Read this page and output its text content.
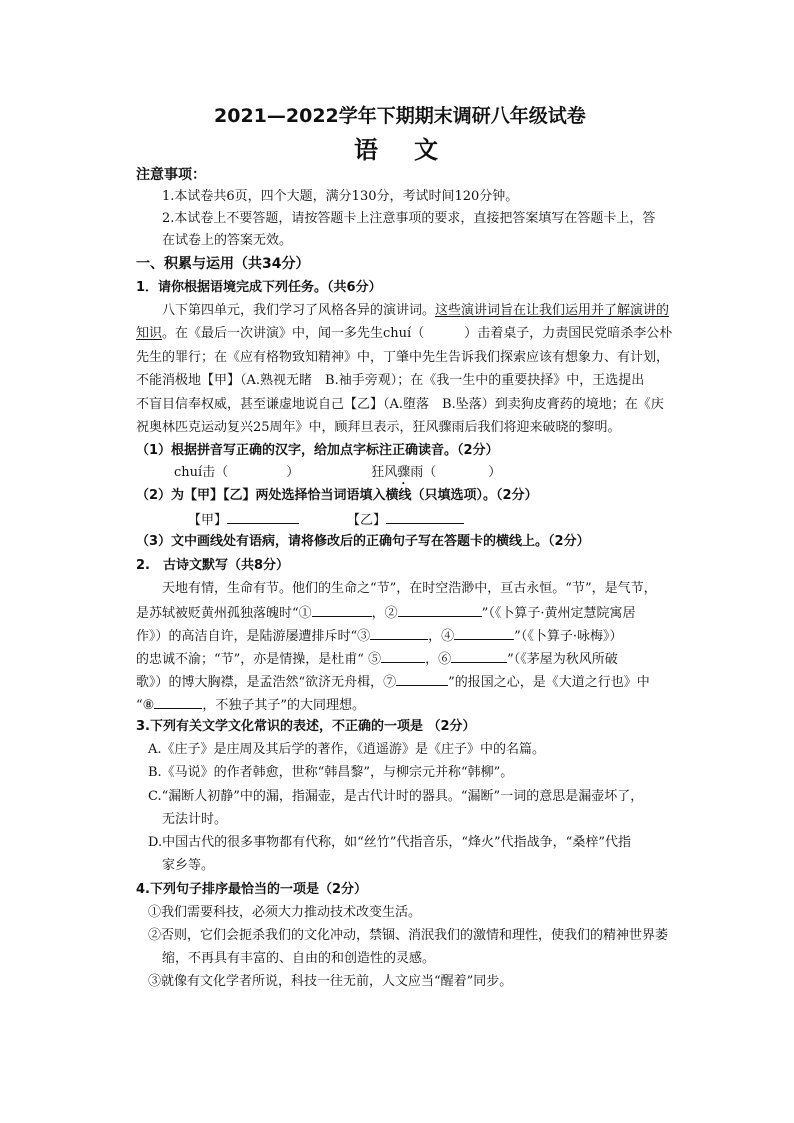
2021—2022学年下期期末调研八年级试卷
语 文
注意事项：
1.本试卷共6页，四个大题，满分130分，考试时间120分钟。
2.本试卷上不要答题，请按答题卡上注意事项的要求，直接把答案填写在答题卡上，答
在试卷上的答案无效。
一、积累与运用（共34分）
1．请你根据语境完成下列任务。（共6分）
八下第四单元，我们学习了风格各异的演讲词。这些演讲词旨在让我们运用并了解演讲的
知识。在《最后一次讲演》中，闻一多先生chuí（	）击着桌子，力责国民党暗杀李公朴
先生的罪行；在《应有格物致知精神》中，丁肇中先生告诉我们探索应该有想象力、有计划，
不能消极地【甲】（A.熟视无睹　B.袖手旁观）；在《我一生中的重要抉择》中，王选提出
不盲目信奉权威，甚至谦虚地说自己【乙】（A.堕落　B.坠落）到卖狗皮膏药的境地；在《庆
祝奥林匹克运动复兴25周年》中，顾拜旦表示，狂风骤雨后我们将迎来破晓的黎明。
（1）根据拼音写正确的汉字，给加点字标注正确读音。（2分）
chuí击（	）	狂风骤雨（	）
（2）为【甲】【乙】两处选择恰当词语填入横线（只填选项）。（2分）
【甲】	【乙】
（3）文中画线处有语病，请将修改后的正确句子写在答题卡的横线上。（2分）
2.　古诗文默写（共8分）
天地有情，生命有节。他们的生命之“节”，在时空浩渺中，亘古永恒。“节”，是气节，
是苏轼被贬黄州孤独落魄时“①	，②	”（《卜算子·黄州定慧院寓居
作》）的高洁自许，是陆游屡遭排斥时“③	，④	”（《卜算子·咏梅》）
的忠诚不渝；“节”，亦是情操，是杜甫“ ⑤	，⑥	”（《茅屋为秋风所破
歌》）的博大胸襟，是孟浩然“欲济无舟楫，⑦	”的报国之心，是《大道之行也》中
“⑧	，不独子其子”的大同理想。
3.下列有关文学文化常识的表述，不正确的一项是 （2分）
A.《庄子》是庄周及其后学的著作，《逍遥游》是《庄子》中的名篇。
B.《马说》的作者韩愈，世称“韩昌黎”，与柳宗元并称“韩柳”。
C.“漏断人初静”中的漏，指漏壶，是古代计时的器具。“漏断”一词的意思是漏壶坏了，
无法计时。
D.中国古代的很多事物都有代称，如“丝竹”代指音乐，“烽火”代指战争，“桑梓”代指
家乡等。
4.下列句子排序最恰当的一项是（2分）
①我们需要科技，必须大力推动技术改变生活。
②否则，它们会扼杀我们的文化冲动，禁锢、消泯我们的激情和理性，使我们的精神世界萎
缩，不再具有丰富的、自由的和创造性的灵感。
③就像有文化学者所说，科技一往无前，人文应当“醒着”同步。
